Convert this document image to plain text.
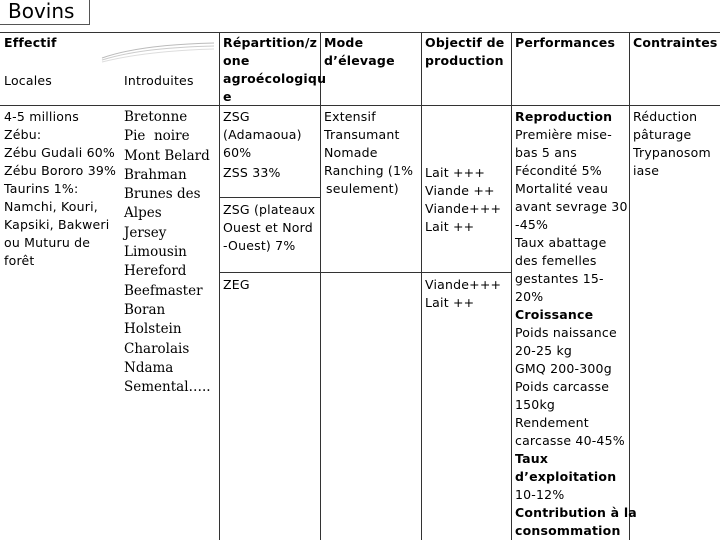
Bovins
Effectif
Locales	Introduites
Répartition/z
one
agroécologiqu
e
Mode
d’élevage
Objectif de
production
Performances Contraintes
4-5 millions
Zébu:
Zébu Gudali 60%
Zébu Bororo 39%
Taurins 1%:
Namchi, Kouri,
Kapsiki, Bakweri
ou Muturu de
forêt
Bretonne
Pie  noire
Mont Belard
Brahman
Brunes des
Alpes
Jersey
Limousin
Hereford
Beefmaster
Boran
Holstein
Charolais
Ndama
Semental…..
ZSG
(Adamaoua)
60%
ZSS 33%
ZSG (plateaux
Ouest et Nord
-Ouest) 7%
ZEG
Extensif
Transumant
Nomade
Ranching (1%
seulement)
Lait +++
Viande ++
Viande+++
Lait ++
Viande+++
Lait ++
Reproduction
Première mise-
bas 5 ans
Fécondité 5%
Mortalité veau
avant sevrage 30
-45%
Taux abattage
des femelles
gestantes 15-
20%
Croissance
Poids naissance
20-25 kg
GMQ 200-300g
Poids carcasse
150kg
Rendement
carcasse 40-45%
Taux
d’exploitation
10-12%
Contribution à la
consommation
Réduction
pâturage
Trypanosom
iase
